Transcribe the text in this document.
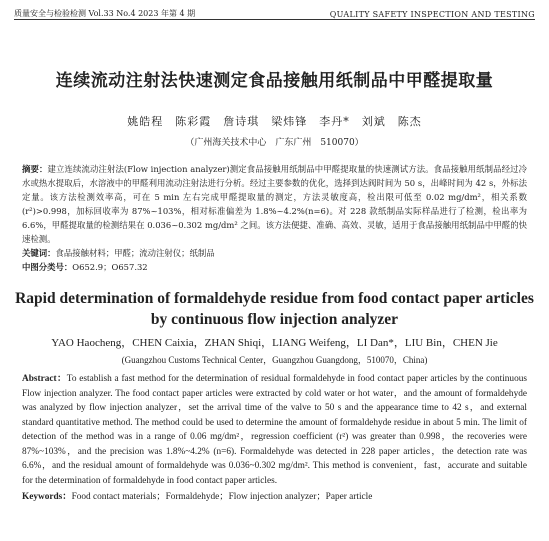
质量安全与检验检测 Vol.33 No.4 2023 年第 4 期	QUALITY SAFETY INSPECTION AND TESTING
连续流动注射法快速测定食品接触用纸制品中甲醛提取量
姚皓程　陈彩霞　詹诗琪　梁炜锋　李丹*　刘斌　陈杰
（广州海关技术中心　广东广州　510070）
摘要：建立连续流动注射法(Flow injection analyzer)测定食品接触用纸制品中甲醛提取量的快速测试方法。食品接触用纸制品经过冷水或热水提取后，水溶液中的甲醛利用流动注射法进行分析。经过主要参数的优化，选择到达阀时间为 50 s，出峰时间为 42 s，外标法定量。该方法检测效率高，可在 5 min 左右完成甲醛提取量的测定，方法灵敏度高，检出限可低至 0.02 mg/dm²，相关系数(r²)>0.998，加标回收率为 87%~103%，相对标准偏差为 1.8%~4.2%(n=6)。对 228 款纸制品实际样品进行了检测，检出率为 6.6%，甲醛提取量的检测结果在 0.036~0.302 mg/dm² 之间。该方法便捷、准确、高效、灵敏，适用于食品接触用纸制品中甲醛的快速检测。
关键词：食品接触材料；甲醛；流动注射仪；纸制品
中图分类号：O652.9；O657.32
Rapid determination of formaldehyde residue from food contact paper articles by continuous flow injection analyzer
YAO Haocheng，CHEN Caixia，ZHAN Shiqi，LIANG Weifeng，LI Dan*，LIU Bin，CHEN Jie
(Guangzhou Customs Technical Center，Guangzhou Guangdong，510070，China)
Abstract：To establish a fast method for the determination of residual formaldehyde in food contact paper articles by the continuous Flow injection analyzer. The food contact paper articles were extracted by cold water or hot water，and the amount of formaldehyde was analyzed by flow injection analyzer，set the arrival time of the valve to 50 s and the appearance time to 42 s，and external standard quantitative method. The method could be used to determine the amount of formaldehyde residue in about 5 min. The limit of detection of the method was in a range of 0.06 mg/dm²，regression coefficient (r²) was greater than 0.998，the recoveries were 87%~103%，and the precision was 1.8%~4.2% (n=6). Formaldehyde was detected in 228 paper articles，the detection rate was 6.6%，and the residual amount of formaldehyde was 0.036~0.302 mg/dm². This method is convenient，fast，accurate and suitable for the determination of formaldehyde in food contact paper articles.
Keywords：Food contact materials；Formaldehyde；Flow injection analyzer；Paper article
